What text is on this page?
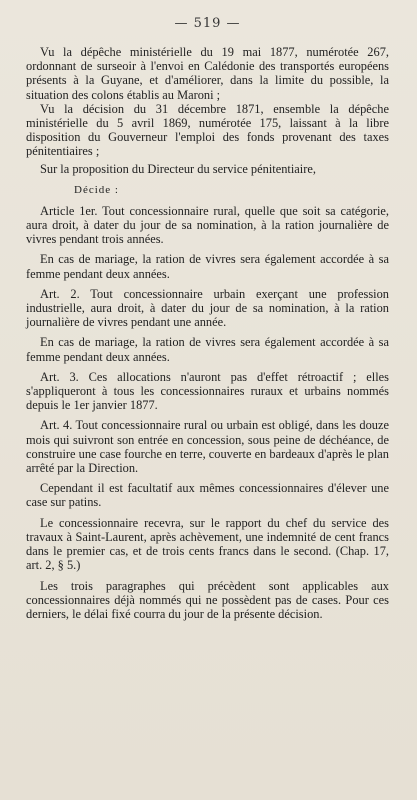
— 519 —

Vu la dépêche ministérielle du 19 mai 1877, numérotée 267, ordonnant de surseoir à l'envoi en Calédonie des transportés européens présents à la Guyane, et d'améliorer, dans la limite du possible, la situation des colons établis au Maroni ;

Vu la décision du 31 décembre 1871, ensemble la dépêche ministérielle du 5 avril 1869, numérotée 175, laissant à la libre disposition du Gouverneur l'emploi des fonds provenant des taxes pénitentiaires ;

Sur la proposition du Directeur du service pénitentiaire,

Décide :

Article 1er. Tout concessionnaire rural, quelle que soit sa catégorie, aura droit, à dater du jour de sa nomination, à la ration journalière de vivres pendant trois années.

En cas de mariage, la ration de vivres sera également accordée à sa femme pendant deux années.

Art. 2. Tout concessionnaire urbain exerçant une profession industrielle, aura droit, à dater du jour de sa nomination, à la ration journalière de vivres pendant une année.

En cas de mariage, la ration de vivres sera également accordée à sa femme pendant deux années.

Art. 3. Ces allocations n'auront pas d'effet rétroactif ; elles s'appliqueront à tous les concessionnaires ruraux et urbains nommés depuis le 1er janvier 1877.

Art. 4. Tout concessionnaire rural ou urbain est obligé, dans les douze mois qui suivront son entrée en concession, sous peine de déchéance, de construire une case fourche en terre, couverte en bardeaux d'après le plan arrêté par la Direction.

Cependant il est facultatif aux mêmes concessionnaires d'élever une case sur patins.

Le concessionnaire recevra, sur le rapport du chef du service des travaux à Saint-Laurent, après achèvement, une indemnité de cent francs dans le premier cas, et de trois cents francs dans le second. (Chap. 17, art. 2, § 5.)

Les trois paragraphes qui précèdent sont applicables aux concessionnaires déjà nommés qui ne possèdent pas de cases. Pour ces derniers, le délai fixé courra du jour de la présente décision.
